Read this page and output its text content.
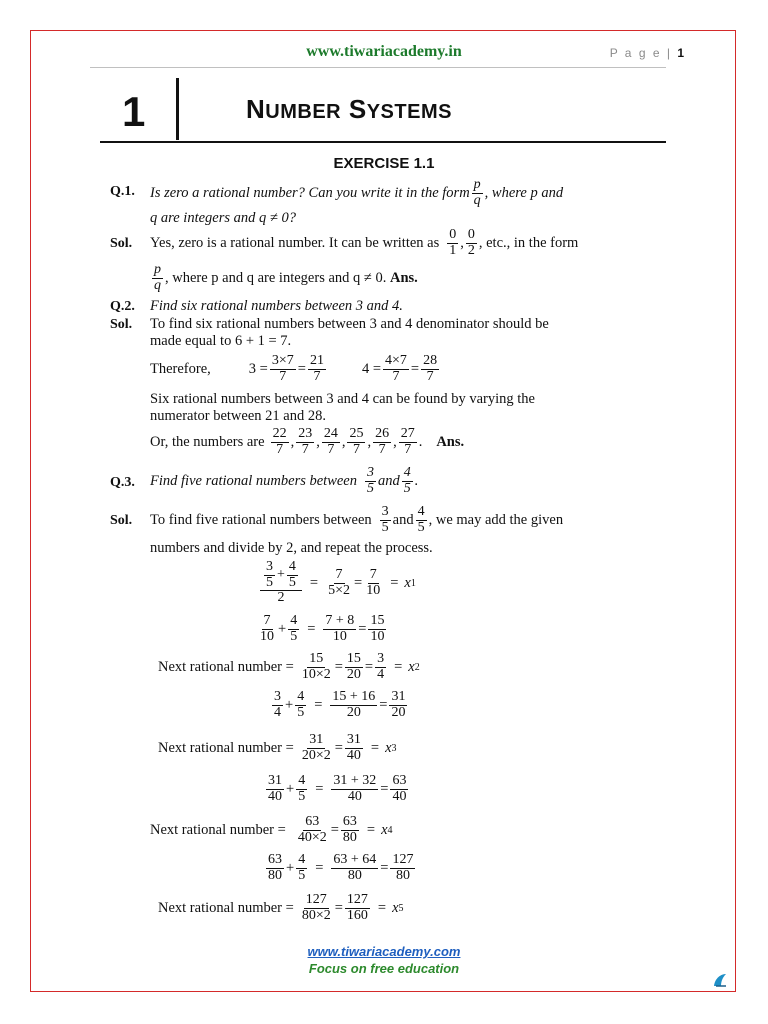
www.tiwariacademy.in	P a g e | 1
1	NUMBER SYSTEMS
EXERCISE 1.1
Q.1. Is zero a rational number? Can you write it in the form $\frac{p}{q}$ , where p and
q are integers and q ≠ 0?
Sol. Yes, zero is a rational number. It can be written as $\frac{0}{1}$ , $\frac{0}{2}$ , etc., in the form
$\frac{p}{q}$ , where p and q are integers and q ≠ 0.
Ans.
Q.2. Find six rational numbers between 3 and 4.
Sol. To find six rational numbers between 3 and 4 denominator should be
made equal to 6 + 1 = 7.
Therefore,	$3 = \frac{3\times 7}{7} = \frac{21}{7} 4 = \frac{4\times 7}{7} = \frac{28}{7}$
Six rational numbers between 3 and 4 can be found by varying the
numerator between 21 and 28.
Or, the numbers are $\frac{22}{7}$ , $\frac{23}{7}$ , $\frac{24}{7}$ , $\frac{25}{7}$ , $\frac{26}{7}$ , $\frac{27}{7}$ . Ans.
Q.3. Find five rational numbers between $\frac{3}{5}$ and $\frac{4}{5}$ .
Sol. To find five rational numbers between $\frac{3}{5}$ and $\frac{4}{5}$ , we may add the given
numbers and divide by 2, and repeat the process.
$\frac{\frac{3}{5} + \frac{4}{5}}{2} = \frac{7}{5\times 2} = \frac{7}{10} = x$ 1
$\frac{7}{10} + \frac{4}{5} = \frac{7 + 8}{10} = \frac{15}{10}$
Next rational number = $\frac{15}{10\times 2} = \frac{15}{20} = \frac{3}{4} = x$ 2
$\frac{3}{4} + \frac{4}{5} = \frac{15 + 16}{20} = \frac{31}{20}$
Next rational number = $\frac{31}{20\times 2} = \frac{31}{40} = x$ 3
$\frac{31}{40} + \frac{4}{5} = \frac{31 + 32}{40} = \frac{63}{40}$
Next rational number = $\frac{63}{40\times 2} = \frac{63}{80} = x$ 4
$\frac{63}{80} + \frac{4}{5} = \frac{63 + 64}{80} = \frac{127}{80}$
Next rational number = $\frac{127}{80\times 2} = \frac{127}{160} = x$ 5
www.tiwariacademy.com
Focus on free education
